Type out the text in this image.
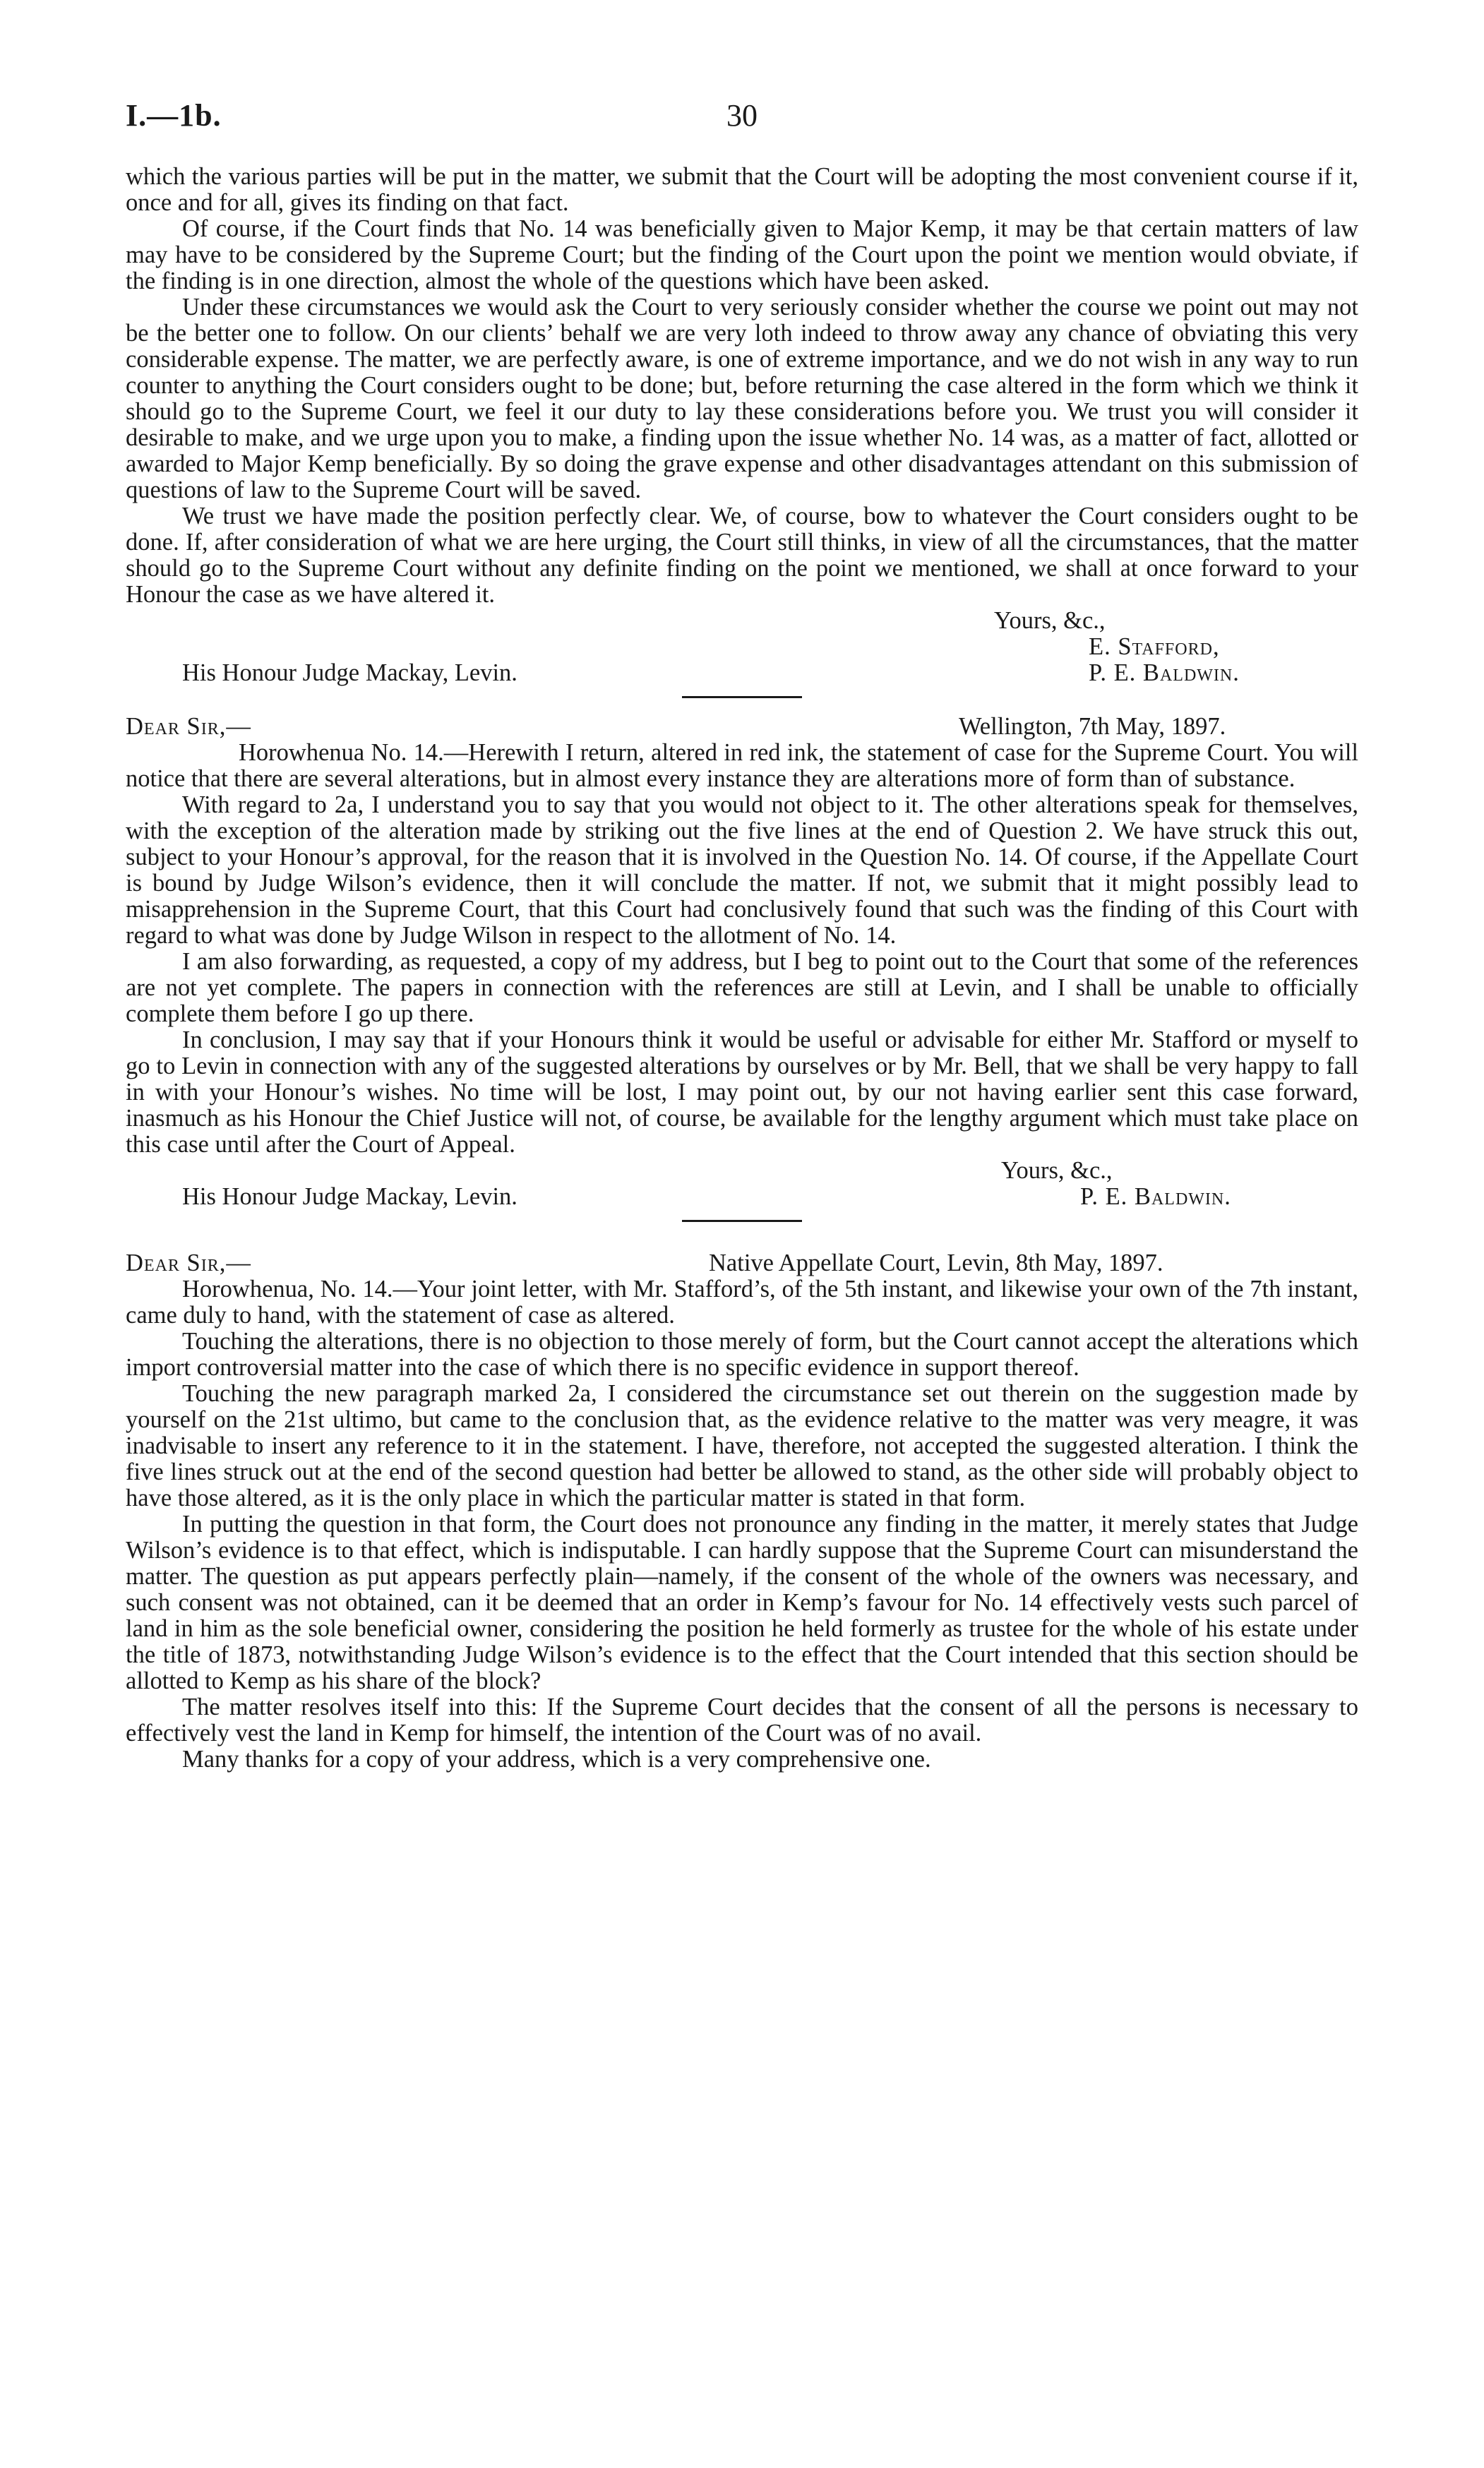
I.—1b.	30

which the various parties will be put in the matter, we submit that the Court will be adopting the most convenient course if it, once and for all, gives its finding on that fact.

Of course, if the Court finds that No. 14 was beneficially given to Major Kemp, it may be that certain matters of law may have to be considered by the Supreme Court; but the finding of the Court upon the point we mention would obviate, if the finding is in one direction, almost the whole of the questions which have been asked.

Under these circumstances we would ask the Court to very seriously consider whether the course we point out may not be the better one to follow. On our clients’ behalf we are very loth indeed to throw away any chance of obviating this very considerable expense. The matter, we are perfectly aware, is one of extreme importance, and we do not wish in any way to run counter to anything the Court considers ought to be done; but, before returning the case altered in the form which we think it should go to the Supreme Court, we feel it our duty to lay these considerations before you. We trust you will consider it desirable to make, and we urge upon you to make, a finding upon the issue whether No. 14 was, as a matter of fact, allotted or awarded to Major Kemp beneficially. By so doing the grave expense and other disadvantages attendant on this submission of questions of law to the Supreme Court will be saved.

We trust we have made the position perfectly clear. We, of course, bow to whatever the Court considers ought to be done. If, after consideration of what we are here urging, the Court still thinks, in view of all the circumstances, that the matter should go to the Supreme Court without any definite finding on the point we mentioned, we shall at once forward to your Honour the case as we have altered it.

Yours, &c.,
E. Stafford,
His Honour Judge Mackay, Levin.	P. E. Baldwin.
Dear Sir,—	Wellington, 7th May, 1897.

Horowhenua No. 14.—Herewith I return, altered in red ink, the statement of case for the Supreme Court. You will notice that there are several alterations, but in almost every instance they are alterations more of form than of substance.

With regard to 2a, I understand you to say that you would not object to it. The other alterations speak for themselves, with the exception of the alteration made by striking out the five lines at the end of Question 2. We have struck this out, subject to your Honour’s approval, for the reason that it is involved in the Question No. 14. Of course, if the Appellate Court is bound by Judge Wilson’s evidence, then it will conclude the matter. If not, we submit that it might possibly lead to misapprehension in the Supreme Court, that this Court had conclusively found that such was the finding of this Court with regard to what was done by Judge Wilson in respect to the allotment of No. 14.

I am also forwarding, as requested, a copy of my address, but I beg to point out to the Court that some of the references are not yet complete. The papers in connection with the references are still at Levin, and I shall be unable to officially complete them before I go up there.

In conclusion, I may say that if your Honours think it would be useful or advisable for either Mr. Stafford or myself to go to Levin in connection with any of the suggested alterations by ourselves or by Mr. Bell, that we shall be very happy to fall in with your Honour’s wishes. No time will be lost, I may point out, by our not having earlier sent this case forward, inasmuch as his Honour the Chief Justice will not, of course, be available for the lengthy argument which must take place on this case until after the Court of Appeal.

Yours, &c.,
His Honour Judge Mackay, Levin.	P. E. Baldwin.
Dear Sir,—	Native Appellate Court, Levin, 8th May, 1897.

Horowhenua, No. 14.—Your joint letter, with Mr. Stafford’s, of the 5th instant, and likewise your own of the 7th instant, came duly to hand, with the statement of case as altered.

Touching the alterations, there is no objection to those merely of form, but the Court cannot accept the alterations which import controversial matter into the case of which there is no specific evidence in support thereof.

Touching the new paragraph marked 2a, I considered the circumstance set out therein on the suggestion made by yourself on the 21st ultimo, but came to the conclusion that, as the evidence relative to the matter was very meagre, it was inadvisable to insert any reference to it in the statement. I have, therefore, not accepted the suggested alteration. I think the five lines struck out at the end of the second question had better be allowed to stand, as the other side will probably object to have those altered, as it is the only place in which the particular matter is stated in that form.

In putting the question in that form, the Court does not pronounce any finding in the matter, it merely states that Judge Wilson’s evidence is to that effect, which is indisputable. I can hardly suppose that the Supreme Court can misunderstand the matter. The question as put appears perfectly plain—namely, if the consent of the whole of the owners was necessary, and such consent was not obtained, can it be deemed that an order in Kemp’s favour for No. 14 effectively vests such parcel of land in him as the sole beneficial owner, considering the position he held formerly as trustee for the whole of his estate under the title of 1873, notwithstanding Judge Wilson’s evidence is to the effect that the Court intended that this section should be allotted to Kemp as his share of the block?

The matter resolves itself into this: If the Supreme Court decides that the consent of all the persons is necessary to effectively vest the land in Kemp for himself, the intention of the Court was of no avail.

Many thanks for a copy of your address, which is a very comprehensive one.
